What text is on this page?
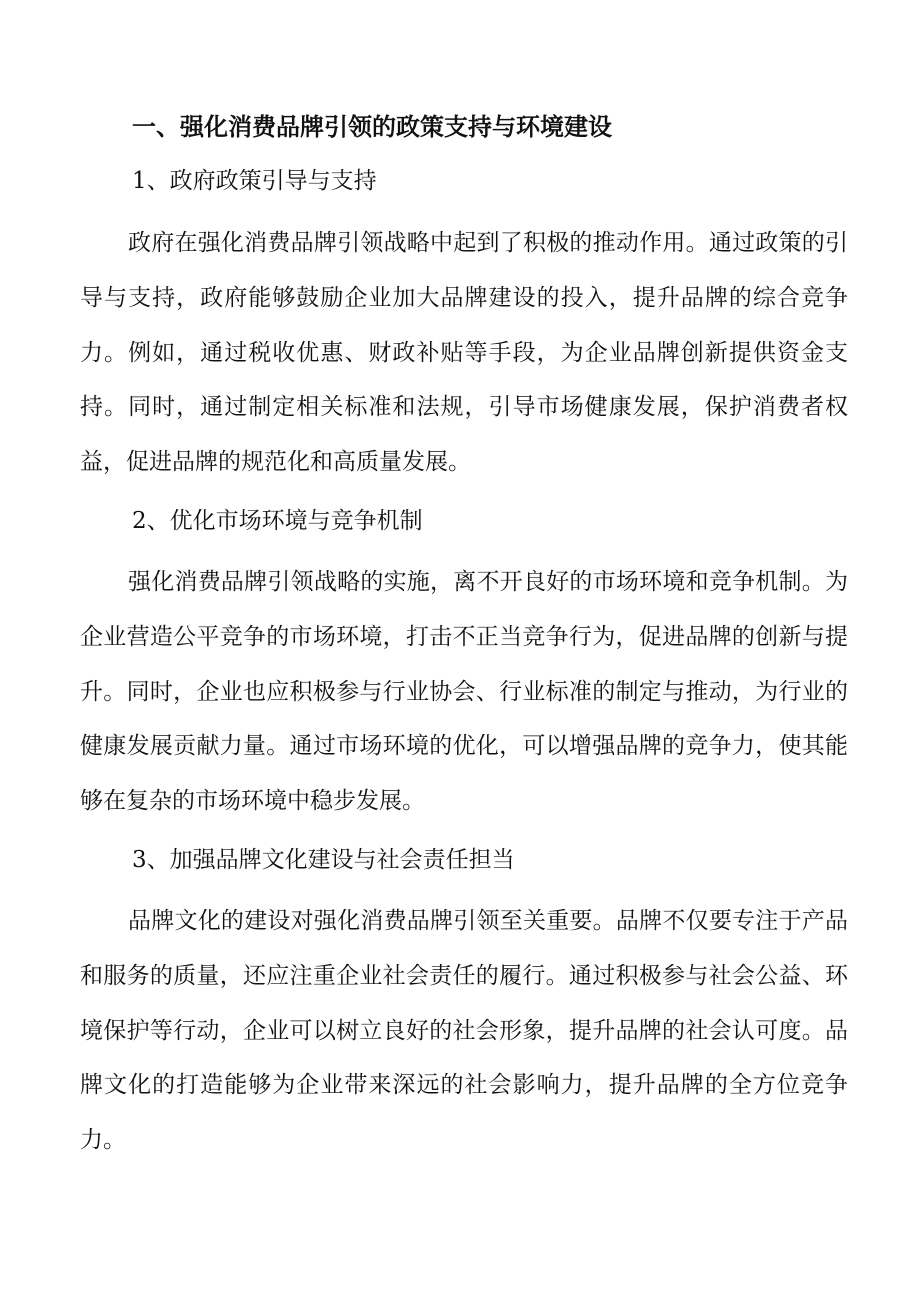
一、强化消费品牌引领的政策支持与环境建设
1、政府政策引导与支持

政府在强化消费品牌引领战略中起到了积极的推动作用。通过政策的引导与支持，政府能够鼓励企业加大品牌建设的投入，提升品牌的综合竞争力。例如，通过税收优惠、财政补贴等手段，为企业品牌创新提供资金支持。同时，通过制定相关标准和法规，引导市场健康发展，保护消费者权益，促进品牌的规范化和高质量发展。

2、优化市场环境与竞争机制

强化消费品牌引领战略的实施，离不开良好的市场环境和竞争机制。为企业营造公平竞争的市场环境，打击不正当竞争行为，促进品牌的创新与提升。同时，企业也应积极参与行业协会、行业标准的制定与推动，为行业的健康发展贡献力量。通过市场环境的优化，可以增强品牌的竞争力，使其能够在复杂的市场环境中稳步发展。

3、加强品牌文化建设与社会责任担当

品牌文化的建设对强化消费品牌引领至关重要。品牌不仅要专注于产品和服务的质量，还应注重企业社会责任的履行。通过积极参与社会公益、环境保护等行动，企业可以树立良好的社会形象，提升品牌的社会认可度。品牌文化的打造能够为企业带来深远的社会影响力，提升品牌的全方位竞争力。
